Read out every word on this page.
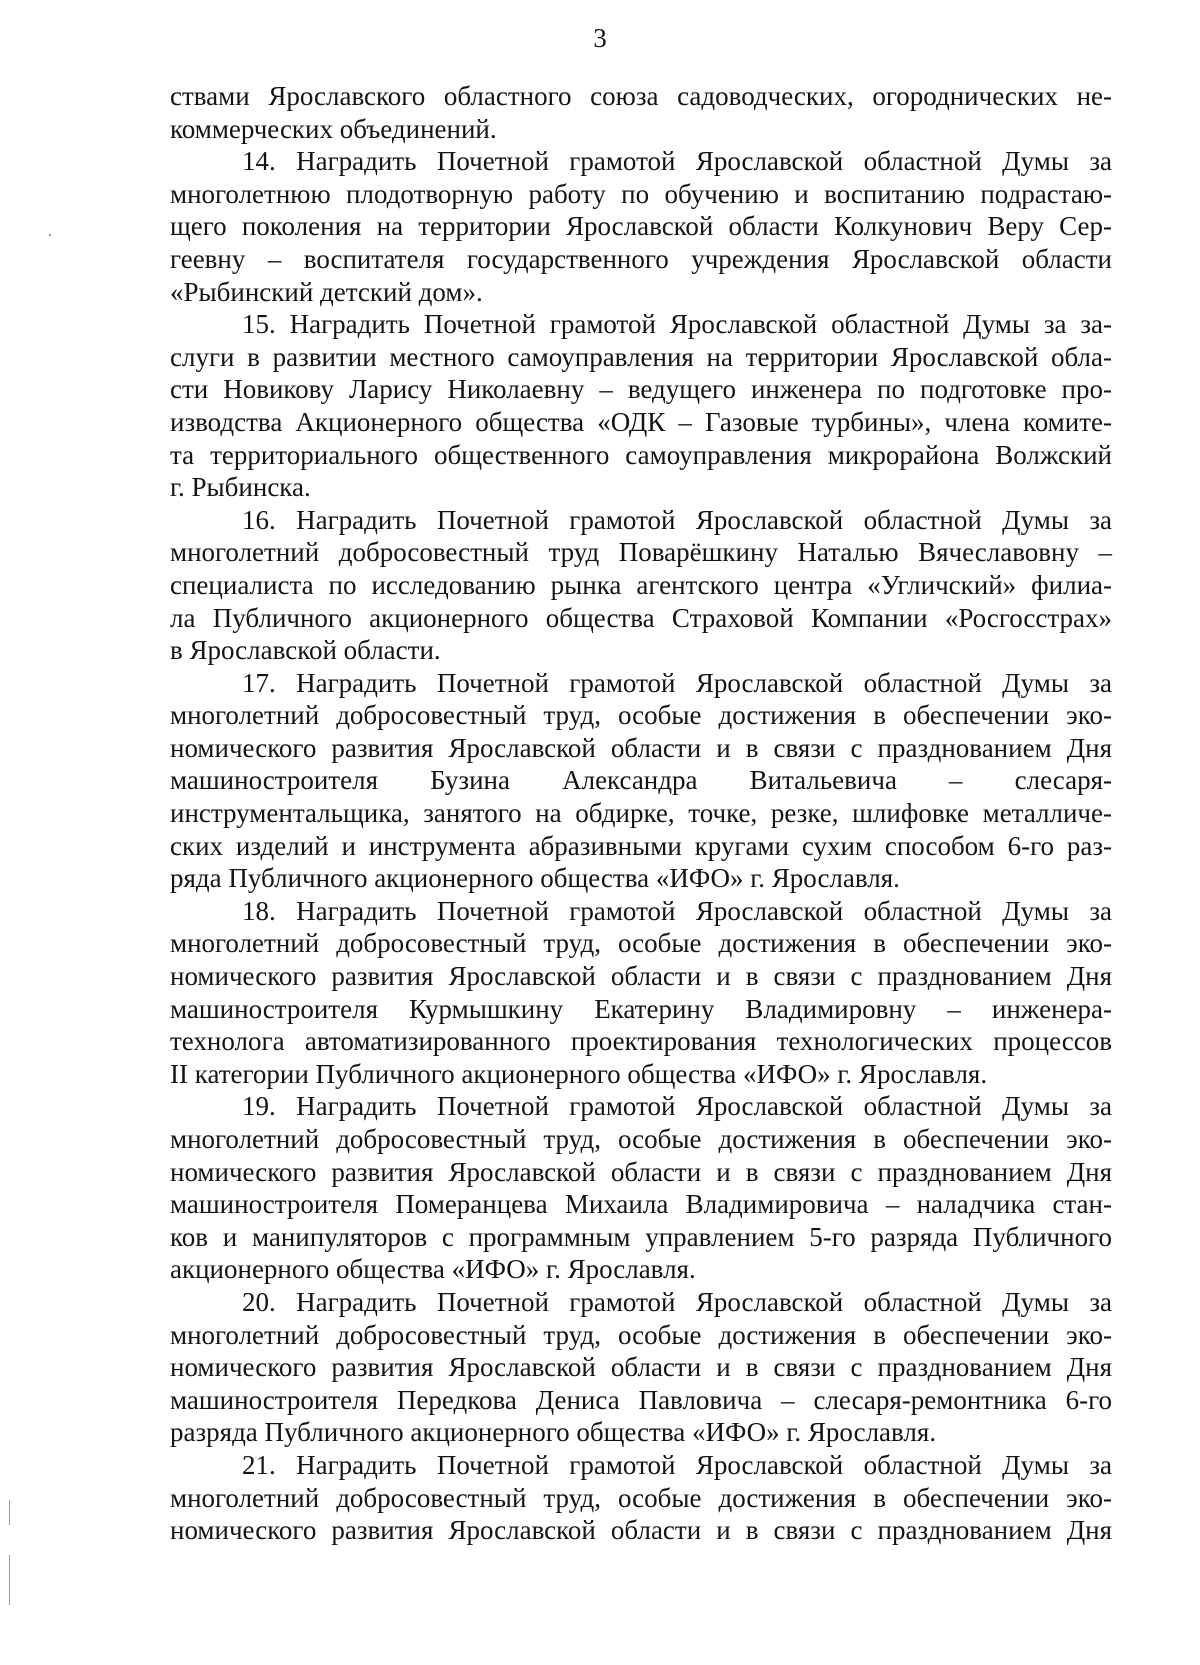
3
ствами Ярославского областного союза садоводческих, огороднических не-
коммерческих объединений.
14. Наградить Почетной грамотой Ярославской областной Думы за
многолетнюю плодотворную работу по обучению и воспитанию подрастаю-
щего поколения на территории Ярославской области Колкунович Веру Сер-
геевну – воспитателя государственного учреждения Ярославской области
«Рыбинский детский дом».
15. Наградить Почетной грамотой Ярославской областной Думы за за-
слуги в развитии местного самоуправления на территории Ярославской обла-
сти Новикову Ларису Николаевну – ведущего инженера по подготовке про-
изводства Акционерного общества «ОДК – Газовые турбины», члена комите-
та территориального общественного самоуправления микрорайона Волжский
г. Рыбинска.
16. Наградить Почетной грамотой Ярославской областной Думы за
многолетний добросовестный труд Поварёшкину Наталью Вячеславовну –
специалиста по исследованию рынка агентского центра «Угличский» филиа-
ла Публичного акционерного общества Страховой Компании «Росгосстрах»
в Ярославской области.
17. Наградить Почетной грамотой Ярославской областной Думы за
многолетний добросовестный труд, особые достижения в обеспечении эко-
номического развития Ярославской области и в связи с празднованием Дня
машиностроителя Бузина Александра Витальевича – слесаря-
инструментальщика, занятого на обдирке, точке, резке, шлифовке металличе-
ских изделий и инструмента абразивными кругами сухим способом 6-го раз-
ряда Публичного акционерного общества «ИФО» г. Ярославля.
18. Наградить Почетной грамотой Ярославской областной Думы за
многолетний добросовестный труд, особые достижения в обеспечении эко-
номического развития Ярославской области и в связи с празднованием Дня
машиностроителя Курмышкину Екатерину Владимировну – инженера-
технолога автоматизированного проектирования технологических процессов
II категории Публичного акционерного общества «ИФО» г. Ярославля.
19. Наградить Почетной грамотой Ярославской областной Думы за
многолетний добросовестный труд, особые достижения в обеспечении эко-
номического развития Ярославской области и в связи с празднованием Дня
машиностроителя Померанцева Михаила Владимировича – наладчика стан-
ков и манипуляторов с программным управлением 5-го разряда Публичного
акционерного общества «ИФО» г. Ярославля.
20. Наградить Почетной грамотой Ярославской областной Думы за
многолетний добросовестный труд, особые достижения в обеспечении эко-
номического развития Ярославской области и в связи с празднованием Дня
машиностроителя Передкова Дениса Павловича – слесаря-ремонтника 6-го
разряда Публичного акционерного общества «ИФО» г. Ярославля.
21. Наградить Почетной грамотой Ярославской областной Думы за
многолетний добросовестный труд, особые достижения в обеспечении эко-
номического развития Ярославской области и в связи с празднованием Дня
